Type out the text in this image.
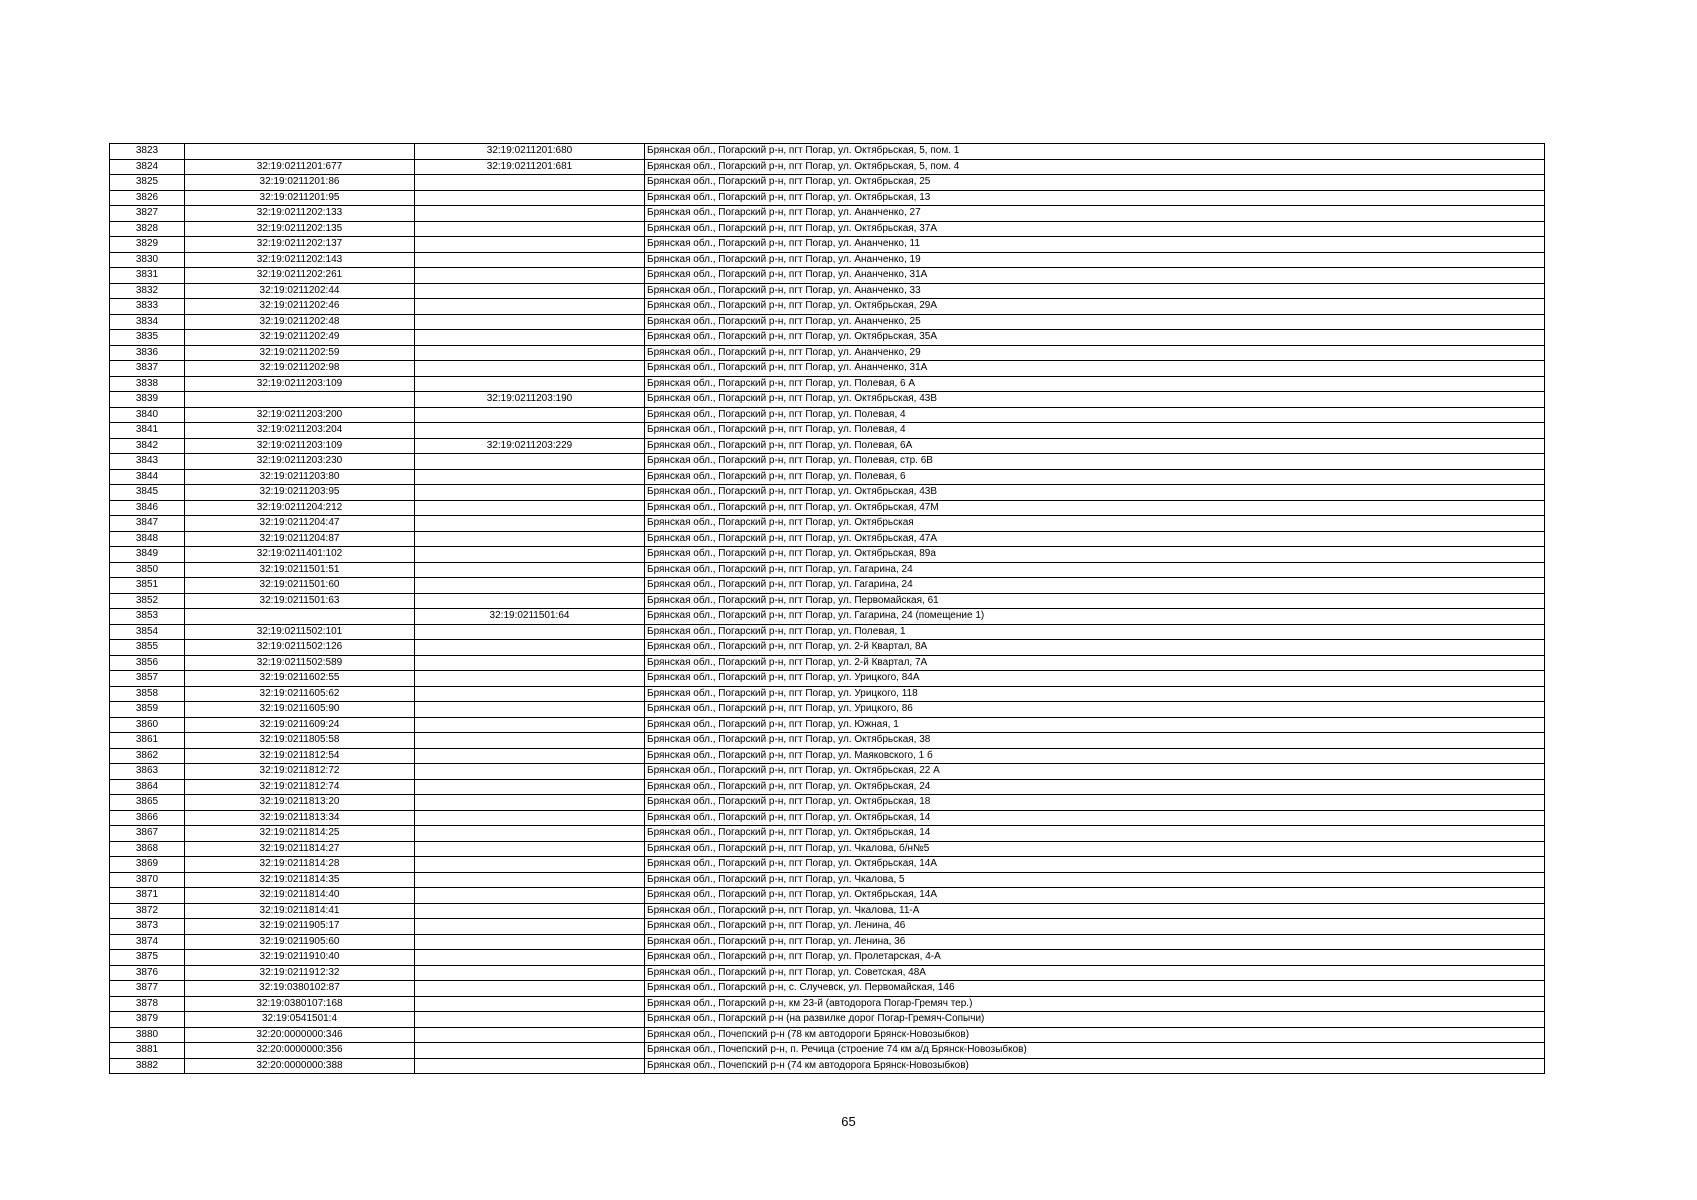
3823		32:19:0211201:680	Брянская обл., Погарский р-н, пгт Погар, ул. Октябрьская, 5, пом. 1
3824	32:19:0211201:677	32:19:0211201:681	Брянская обл., Погарский р-н, пгт Погар, ул. Октябрьская, 5, пом. 4
3825	32:19:0211201:86		Брянская обл., Погарский р-н, пгт Погар, ул. Октябрьская, 25
3826	32:19:0211201:95		Брянская обл., Погарский р-н, пгт Погар, ул. Октябрьская, 13
3827	32:19:0211202:133		Брянская обл., Погарский р-н, пгт Погар, ул. Ананченко, 27
3828	32:19:0211202:135		Брянская обл., Погарский р-н, пгт Погар, ул. Октябрьская, 37А
3829	32:19:0211202:137		Брянская обл., Погарский р-н, пгт Погар, ул. Ананченко, 11
3830	32:19:0211202:143		Брянская обл., Погарский р-н, пгт Погар, ул. Ананченко, 19
3831	32:19:0211202:261		Брянская обл., Погарский р-н, пгт Погар, ул. Ананченко, 31А
3832	32:19:0211202:44		Брянская обл., Погарский р-н, пгт Погар, ул. Ананченко, 33
3833	32:19:0211202:46		Брянская обл., Погарский р-н, пгт Погар, ул. Октябрьская, 29А
3834	32:19:0211202:48		Брянская обл., Погарский р-н, пгт Погар, ул. Ананченко, 25
3835	32:19:0211202:49		Брянская обл., Погарский р-н, пгт Погар, ул. Октябрьская, 35А
3836	32:19:0211202:59		Брянская обл., Погарский р-н, пгт Погар, ул. Ананченко, 29
3837	32:19:0211202:98		Брянская обл., Погарский р-н, пгт Погар, ул. Ананченко, 31А
3838	32:19:0211203:109		Брянская обл., Погарский р-н, пгт Погар, ул. Полевая, 6 А
3839		32:19:0211203:190	Брянская обл., Погарский р-н, пгт Погар, ул. Октябрьская, 43В
3840	32:19:0211203:200		Брянская обл., Погарский р-н, пгт Погар, ул. Полевая, 4
3841	32:19:0211203:204		Брянская обл., Погарский р-н, пгт Погар, ул. Полевая, 4
3842	32:19:0211203:109	32:19:0211203:229	Брянская обл., Погарский р-н, пгт Погар, ул. Полевая, 6А
3843	32:19:0211203:230		Брянская обл., Погарский р-н, пгт Погар, ул. Полевая, стр. 6В
3844	32:19:0211203:80		Брянская обл., Погарский р-н, пгт Погар, ул. Полевая, 6
3845	32:19:0211203:95		Брянская обл., Погарский р-н, пгт Погар, ул. Октябрьская, 43В
3846	32:19:0211204:212		Брянская обл., Погарский р-н, пгт Погар, ул. Октябрьская, 47М
3847	32:19:0211204:47		Брянская обл., Погарский р-н, пгт Погар, ул. Октябрьская
3848	32:19:0211204:87		Брянская обл., Погарский р-н, пгт Погар, ул. Октябрьская, 47А
3849	32:19:0211401:102		Брянская обл., Погарский р-н, пгт Погар, ул. Октябрьская, 89а
3850	32:19:0211501:51		Брянская обл., Погарский р-н, пгт Погар, ул. Гагарина, 24
3851	32:19:0211501:60		Брянская обл., Погарский р-н, пгт Погар, ул. Гагарина, 24
3852	32:19:0211501:63		Брянская обл., Погарский р-н, пгт Погар, ул. Первомайская, 61
3853		32:19:0211501:64	Брянская обл., Погарский р-н, пгт Погар, ул. Гагарина, 24 (помещение 1)
3854	32:19:0211502:101		Брянская обл., Погарский р-н, пгт Погар, ул. Полевая, 1
3855	32:19:0211502:126		Брянская обл., Погарский р-н, пгт Погар, ул. 2-й Квартал, 8А
3856	32:19:0211502:589		Брянская обл., Погарский р-н, пгт Погар, ул. 2-й Квартал, 7А
3857	32:19:0211602:55		Брянская обл., Погарский р-н, пгт Погар, ул. Урицкого, 84А
3858	32:19:0211605:62		Брянская обл., Погарский р-н, пгт Погар, ул. Урицкого, 118
3859	32:19:0211605:90		Брянская обл., Погарский р-н, пгт Погар, ул. Урицкого, 86
3860	32:19:0211609:24		Брянская обл., Погарский р-н, пгт Погар, ул. Южная, 1
3861	32:19:0211805:58		Брянская обл., Погарский р-н, пгт Погар, ул. Октябрьская, 38
3862	32:19:0211812:54		Брянская обл., Погарский р-н, пгт Погар, ул. Маяковского, 1 б
3863	32:19:0211812:72		Брянская обл., Погарский р-н, пгт Погар, ул. Октябрьская, 22 А
3864	32:19:0211812:74		Брянская обл., Погарский р-н, пгт Погар, ул. Октябрьская, 24
3865	32:19:0211813:20		Брянская обл., Погарский р-н, пгт Погар, ул. Октябрьская, 18
3866	32:19:0211813:34		Брянская обл., Погарский р-н, пгт Погар, ул. Октябрьская, 14
3867	32:19:0211814:25		Брянская обл., Погарский р-н, пгт Погар, ул. Октябрьская, 14
3868	32:19:0211814:27		Брянская обл., Погарский р-н, пгт Погар, ул. Чкалова, б/н№5
3869	32:19:0211814:28		Брянская обл., Погарский р-н, пгт Погар, ул. Октябрьская, 14А
3870	32:19:0211814:35		Брянская обл., Погарский р-н, пгт Погар, ул. Чкалова, 5
3871	32:19:0211814:40		Брянская обл., Погарский р-н, пгт Погар, ул. Октябрьская, 14А
3872	32:19:0211814:41		Брянская обл., Погарский р-н, пгт Погар, ул. Чкалова, 11-А
3873	32:19:0211905:17		Брянская обл., Погарский р-н, пгт Погар, ул. Ленина, 46
3874	32:19:0211905:60		Брянская обл., Погарский р-н, пгт Погар, ул. Ленина, 36
3875	32:19:0211910:40		Брянская обл., Погарский р-н, пгт Погар, ул. Пролетарская, 4-А
3876	32:19:0211912:32		Брянская обл., Погарский р-н, пгт Погар, ул. Советская, 48А
3877	32:19:0380102:87		Брянская обл., Погарский р-н, с. Случевск, ул. Первомайская, 146
3878	32:19:0380107:168		Брянская обл., Погарский р-н, км 23-й (автодорога Погар-Гремяч тер.)
3879	32:19:0541501:4		Брянская обл., Погарский р-н (на развилке дорог Погар-Гремяч-Сопычи)
3880	32:20:0000000:346		Брянская обл., Почепский р-н (78 км автодороги Брянск-Новозыбков)
3881	32:20:0000000:356		Брянская обл., Почепский р-н, п. Речица (строение 74 км а/д Брянск-Новозыбков)
3882	32:20:0000000:388		Брянская обл., Почепский р-н (74 км автодорога Брянск-Новозыбков)
65
